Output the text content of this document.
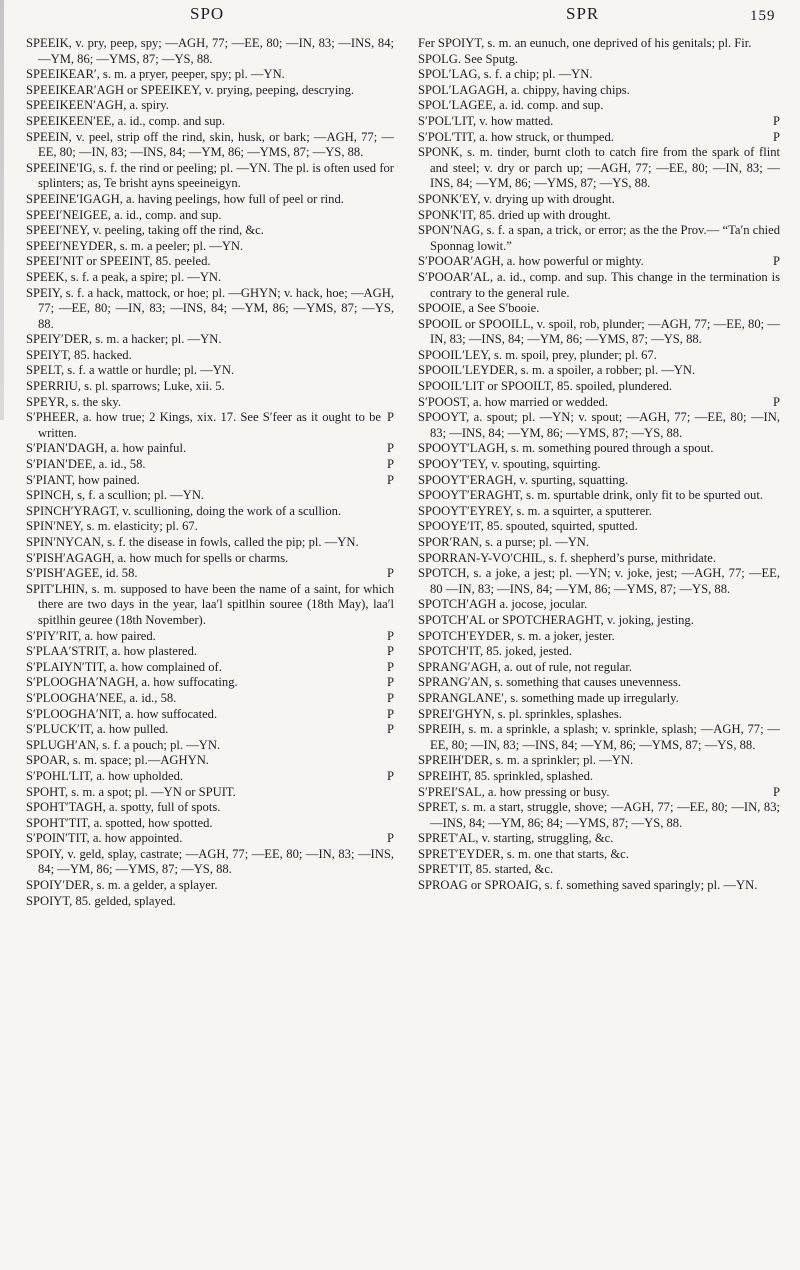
SPO	SPR	159

SPEEIK, v. pry, peep, spy; —AGH, 77; —EE, 80; —IN, 83; —INS, 84; —YM, 86; —YMS, 87; —YS, 88.

SPEEIKEAR′, s. m. a pryer, peeper, spy; pl. —YN.

SPEEIKEAR′AGH or SPEEIKEY, v. prying, peeping, descrying.

SPEEIKEEN′AGH, a. spiry.

SPEEIKEEN′EE, a. id., comp. and sup.

SPEEIN, v. peel, strip off the rind, skin, husk, or bark; —AGH, 77; —EE, 80; —IN, 83; —INS, 84; —YM, 86; —YMS, 87; —YS, 88.

SPEEINE′IG, s. f. the rind or peeling; pl. —YN. The pl. is often used for splinters; as, Te brisht ayns speeineigyn.

SPEEINE′IGAGH, a. having peelings, how full of peel or rind.

SPEEI′NEIGEE, a. id., comp. and sup.

SPEEI′NEY, v. peeling, taking off the rind, &c.

SPEEI′NEYDER, s. m. a peeler; pl. —YN.

SPEEI′NIT or SPEEINT, 85. peeled.

SPEEK, s. f. a peak, a spire; pl. —YN.

SPEIY, s. f. a hack, mattock, or hoe; pl. —GHYN; v. hack, hoe; —AGH, 77; —EE, 80; —IN, 83; —INS, 84; —YM, 86; —YMS, 87; —YS, 88.

SPEIY′DER, s. m. a hacker; pl. —YN.

SPEIYT, 85. hacked.

SPELT, s. f. a wattle or hurdle; pl. —YN.

SPERRIU, s. pl. sparrows; Luke, xii. 5.

SPEYR, s. the sky.

P
S′PHEER, a. how true; 2 Kings, xix. 17. See S′feer as it ought to be written.

P
S′PIAN′DAGH, a. how painful.

P
S′PIAN′DEE, a. id., 58.

P
S′PIANT, how pained.

SPINCH, s, f. a scullion; pl. —YN.

SPINCH′YRAGT, v. scullioning, doing the work of a scullion.

SPIN′NEY, s. m. elasticity; pl. 67.

SPIN′NYCAN, s. f. the disease in fowls, called the pip; pl. —YN.

S′PISH′AGAGH, a. how much for spells or charms.

P
S′PISH′AGEE, id. 58.

SPIT′LHIN, s. m. supposed to have been the name of a saint, for which there are two days in the year, laa′l spitlhin souree (18th May), laa′l spitlhin geuree (18th November).

P
S′PIY′RIT, a. how paired.

P
S′PLAA′STRIT, a. how plastered.

P
S′PLAIYN′TIT, a. how complained of.

P
S′PLOOGHA′NAGH, a. how suffocating.

P
S′PLOOGHA′NEE, a. id., 58.

P
S′PLOOGHA′NIT, a. how suffocated.

P
S′PLUCK′IT, a. how pulled.

SPLUGH′AN, s. f. a pouch; pl. —YN.

SPOAR, s. m. space; pl.—AGHYN.

P
S′POHL′LIT, a. how upholded.

SPOHT, s. m. a spot; pl. —YN or SPUIT.

SPOHT′TAGH, a. spotty, full of spots.

SPOHT′TIT, a. spotted, how spotted.

P
S′POIN′TIT, a. how appointed.

SPOIY, v. geld, splay, castrate; —AGH, 77; —EE, 80; —IN, 83; —INS, 84; —YM, 86; —YMS, 87; —YS, 88.

SPOIY′DER, s. m. a gelder, a splayer.

SPOIYT, 85. gelded, splayed.

Fer SPOIYT, s. m. an eunuch, one deprived of his genitals; pl. Fir.

SPOLG. See Sputg.

SPOL′LAG, s. f. a chip; pl. —YN.

SPOL′LAGAGH, a. chippy, having chips.

SPOL′LAGEE, a. id. comp. and sup.

P
S′POL′LIT, v. how matted.

P
S′POL′TIT, a. how struck, or thumped.

SPONK, s. m. tinder, burnt cloth to catch fire from the spark of flint and steel; v. dry or parch up; —AGH, 77; —EE, 80; —IN, 83; —INS, 84; —YM, 86; —YMS, 87; —YS, 88.

SPONK′EY, v. drying up with drought.

SPONK′IT, 85. dried up with drought.

SPON′NAG, s. f. a span, a trick, or error; as the the Prov.— “Ta′n chied Sponnag lowit.”

P
S′POOAR′AGH, a. how powerful or mighty.

S′POOAR′AL, a. id., comp. and sup. This change in the termination is contrary to the general rule.

SPOOIE, a See S′booie.

SPOOIL or SPOOILL, v. spoil, rob, plunder; —AGH, 77; —EE, 80; —IN, 83; —INS, 84; —YM, 86; —YMS, 87; —YS, 88.

SPOOIL′LEY, s. m. spoil, prey, plunder; pl. 67.

SPOOIL′LEYDER, s. m. a spoiler, a robber; pl. —YN.

SPOOIL′LIT or SPOOILT, 85. spoiled, plundered.

P
S′POOST, a. how married or wedded.

SPOOYT, a. spout; pl. —YN; v. spout; —AGH, 77; —EE, 80; —IN, 83; —INS, 84; —YM, 86; —YMS, 87; —YS, 88.

SPOOYT′LAGH, s. m. something poured through a spout.

SPOOY′TEY, v. spouting, squirting.

SPOOYT′ERAGH, v. spurting, squatting.

SPOOYT′ERAGHT, s. m. spurtable drink, only fit to be spurted out.

SPOOYT′EYREY, s. m. a squirter, a sputterer.

SPOOYE′IT, 85. spouted, squirted, sputted.

SPOR′RAN, s. a purse; pl. —YN.

SPORRAN-Y-VO′CHIL, s. f. shepherd’s purse, mithridate.

SPOTCH, s. a joke, a jest; pl. —YN; v. joke, jest; —AGH, 77; —EE, 80 —IN, 83; —INS, 84; —YM, 86; —YMS, 87; —YS, 88.

SPOTCH′AGH a. jocose, jocular.

SPOTCH′AL or SPOTCHERAGHT, v. joking, jesting.

SPOTCH′EYDER, s. m. a joker, jester.

SPOTCH′IT, 85. joked, jested.

SPRANG′AGH, a. out of rule, not regular.

SPRANG′AN, s. something that causes unevenness.

SPRANGLANE′, s. something made up irregularly.

SPREI′GHYN, s. pl. sprinkles, splashes.

SPREIH, s. m. a sprinkle, a splash; v. sprinkle, splash; —AGH, 77; —EE, 80; —IN, 83; —INS, 84; —YM, 86; —YMS, 87; —YS, 88.

SPREIH′DER, s. m. a sprinkler; pl. —YN.

SPREIHT, 85. sprinkled, splashed.

P
S′PREI′SAL, a. how pressing or busy.

SPRET, s. m. a start, struggle, shove; —AGH, 77; —EE, 80; —IN, 83; —INS, 84; —YM, 86; 84; —YMS, 87; —YS, 88.

SPRET′AL, v. starting, struggling, &c.

SPRET′EYDER, s. m. one that starts, &c.

SPRET′IT, 85. started, &c.

SPROAG or SPROAIG, s. f. something saved sparingly; pl. —YN.
